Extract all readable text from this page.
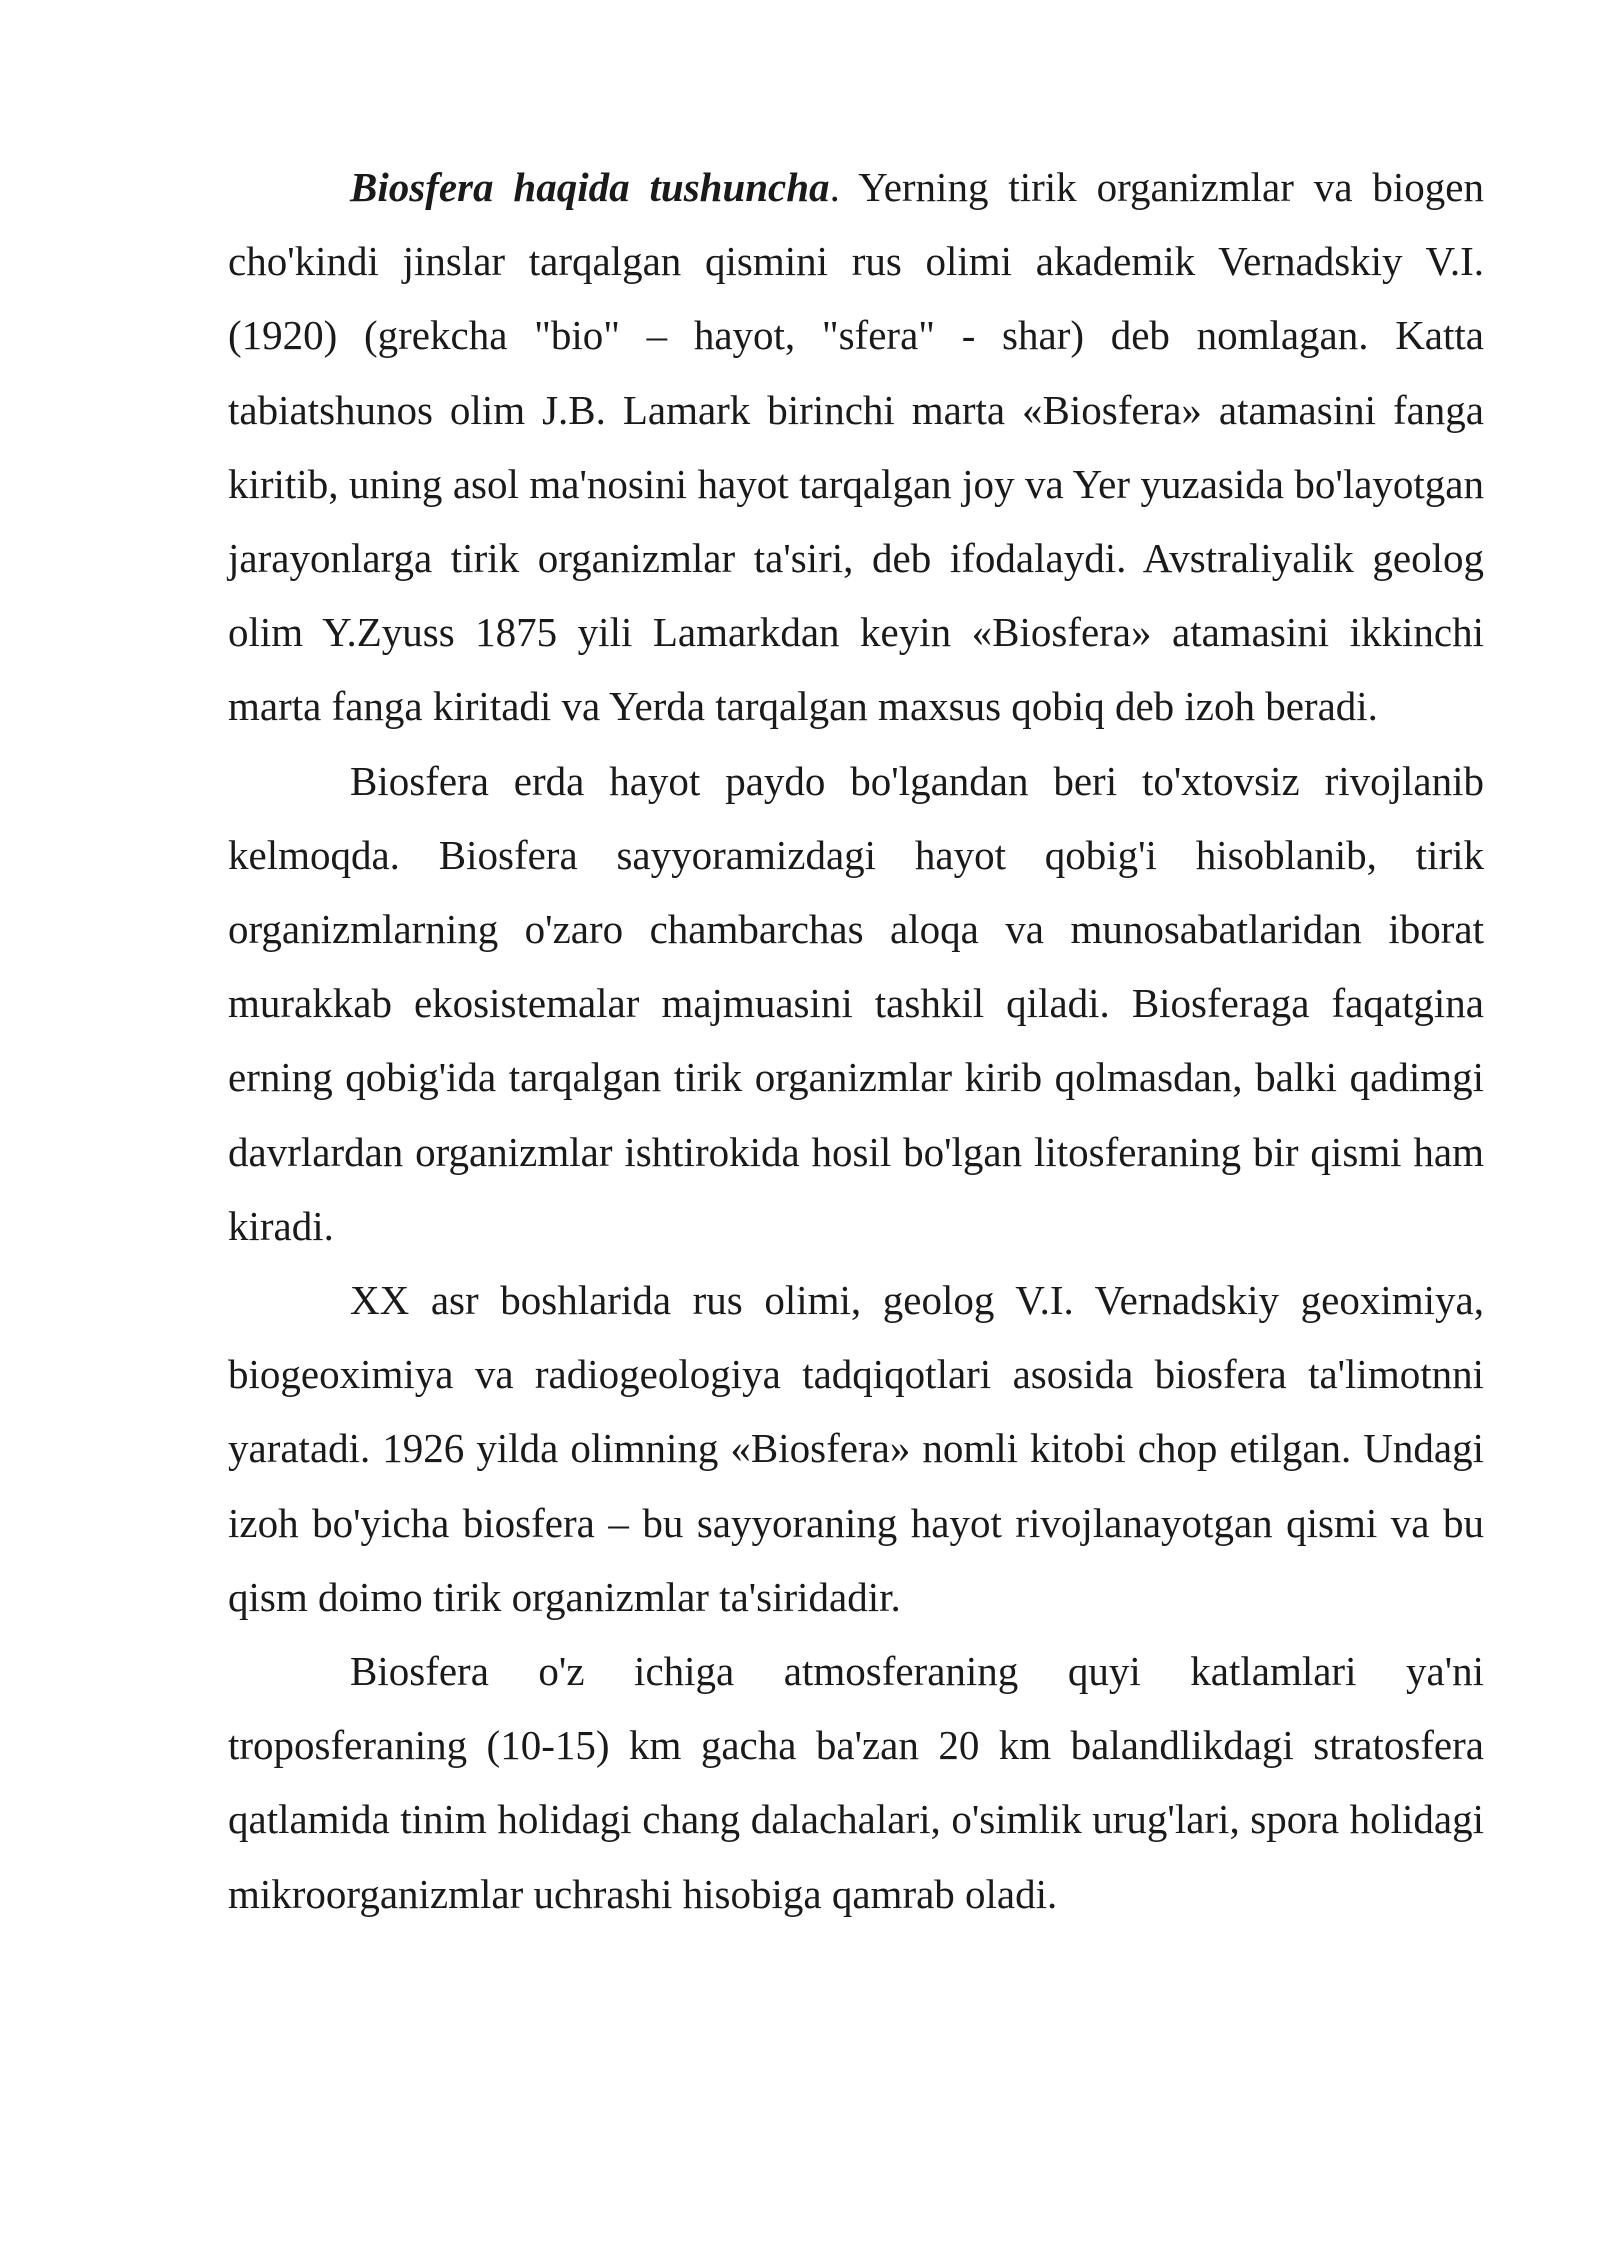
Biosfera haqida tushuncha. Yerning tirik organizmlar va biogen cho'kindi jinslar tarqalgan qismini rus olimi akademik Vernadskiy V.I. (1920) (grekcha "bio" – hayot, "sfera" - shar) deb nomlagan. Katta tabiatshunos olim J.B. Lamark birinchi marta «Biosfera» atamasini fanga kiritib, uning asol ma'nosini hayot tarqalgan joy va Yer yuzasida bo'layotgan jarayonlarga tirik organizmlar ta'siri, deb ifodalaydi. Avstraliyalik geolog olim Y.Zyuss 1875 yili Lamarkdan keyin «Biosfera» atamasini ikkinchi marta fanga kiritadi va Yerda tarqalgan maxsus qobiq deb izoh beradi.

Biosfera erda hayot paydo bo'lgandan beri to'xtovsiz rivojlanib kelmoqda. Biosfera sayyoramizdagi hayot qobig'i hisoblanib, tirik organizmlarning o'zaro chambarchas aloqa va munosabatlaridan iborat murakkab ekosistemalar majmuasini tashkil qiladi. Biosferaga faqatgina erning qobig'ida tarqalgan tirik organizmlar kirib qolmasdan, balki qadimgi davrlardan organizmlar ishtirokida hosil bo'lgan litosferaning bir qismi ham kiradi.

XX asr boshlarida rus olimi, geolog V.I. Vernadskiy geoximiya, biogeoximiya va radiogeologiya tadqiqotlari asosida biosfera ta'limotnni yaratadi. 1926 yilda olimning «Biosfera» nomli kitobi chop etilgan. Undagi izoh bo'yicha biosfera – bu sayyoraning hayot rivojlanayotgan qismi va bu qism doimo tirik organizmlar ta'siridadir.

Biosfera o'z ichiga atmosferaning quyi katlamlari ya'ni troposferaning (10-15) km gacha ba'zan 20 km balandlikdagi stratosfera qatlamida tinim holidagi chang dalachalari, o'simlik urug'lari, spora holidagi mikroorganizmlar uchrashi hisobiga qamrab oladi.
